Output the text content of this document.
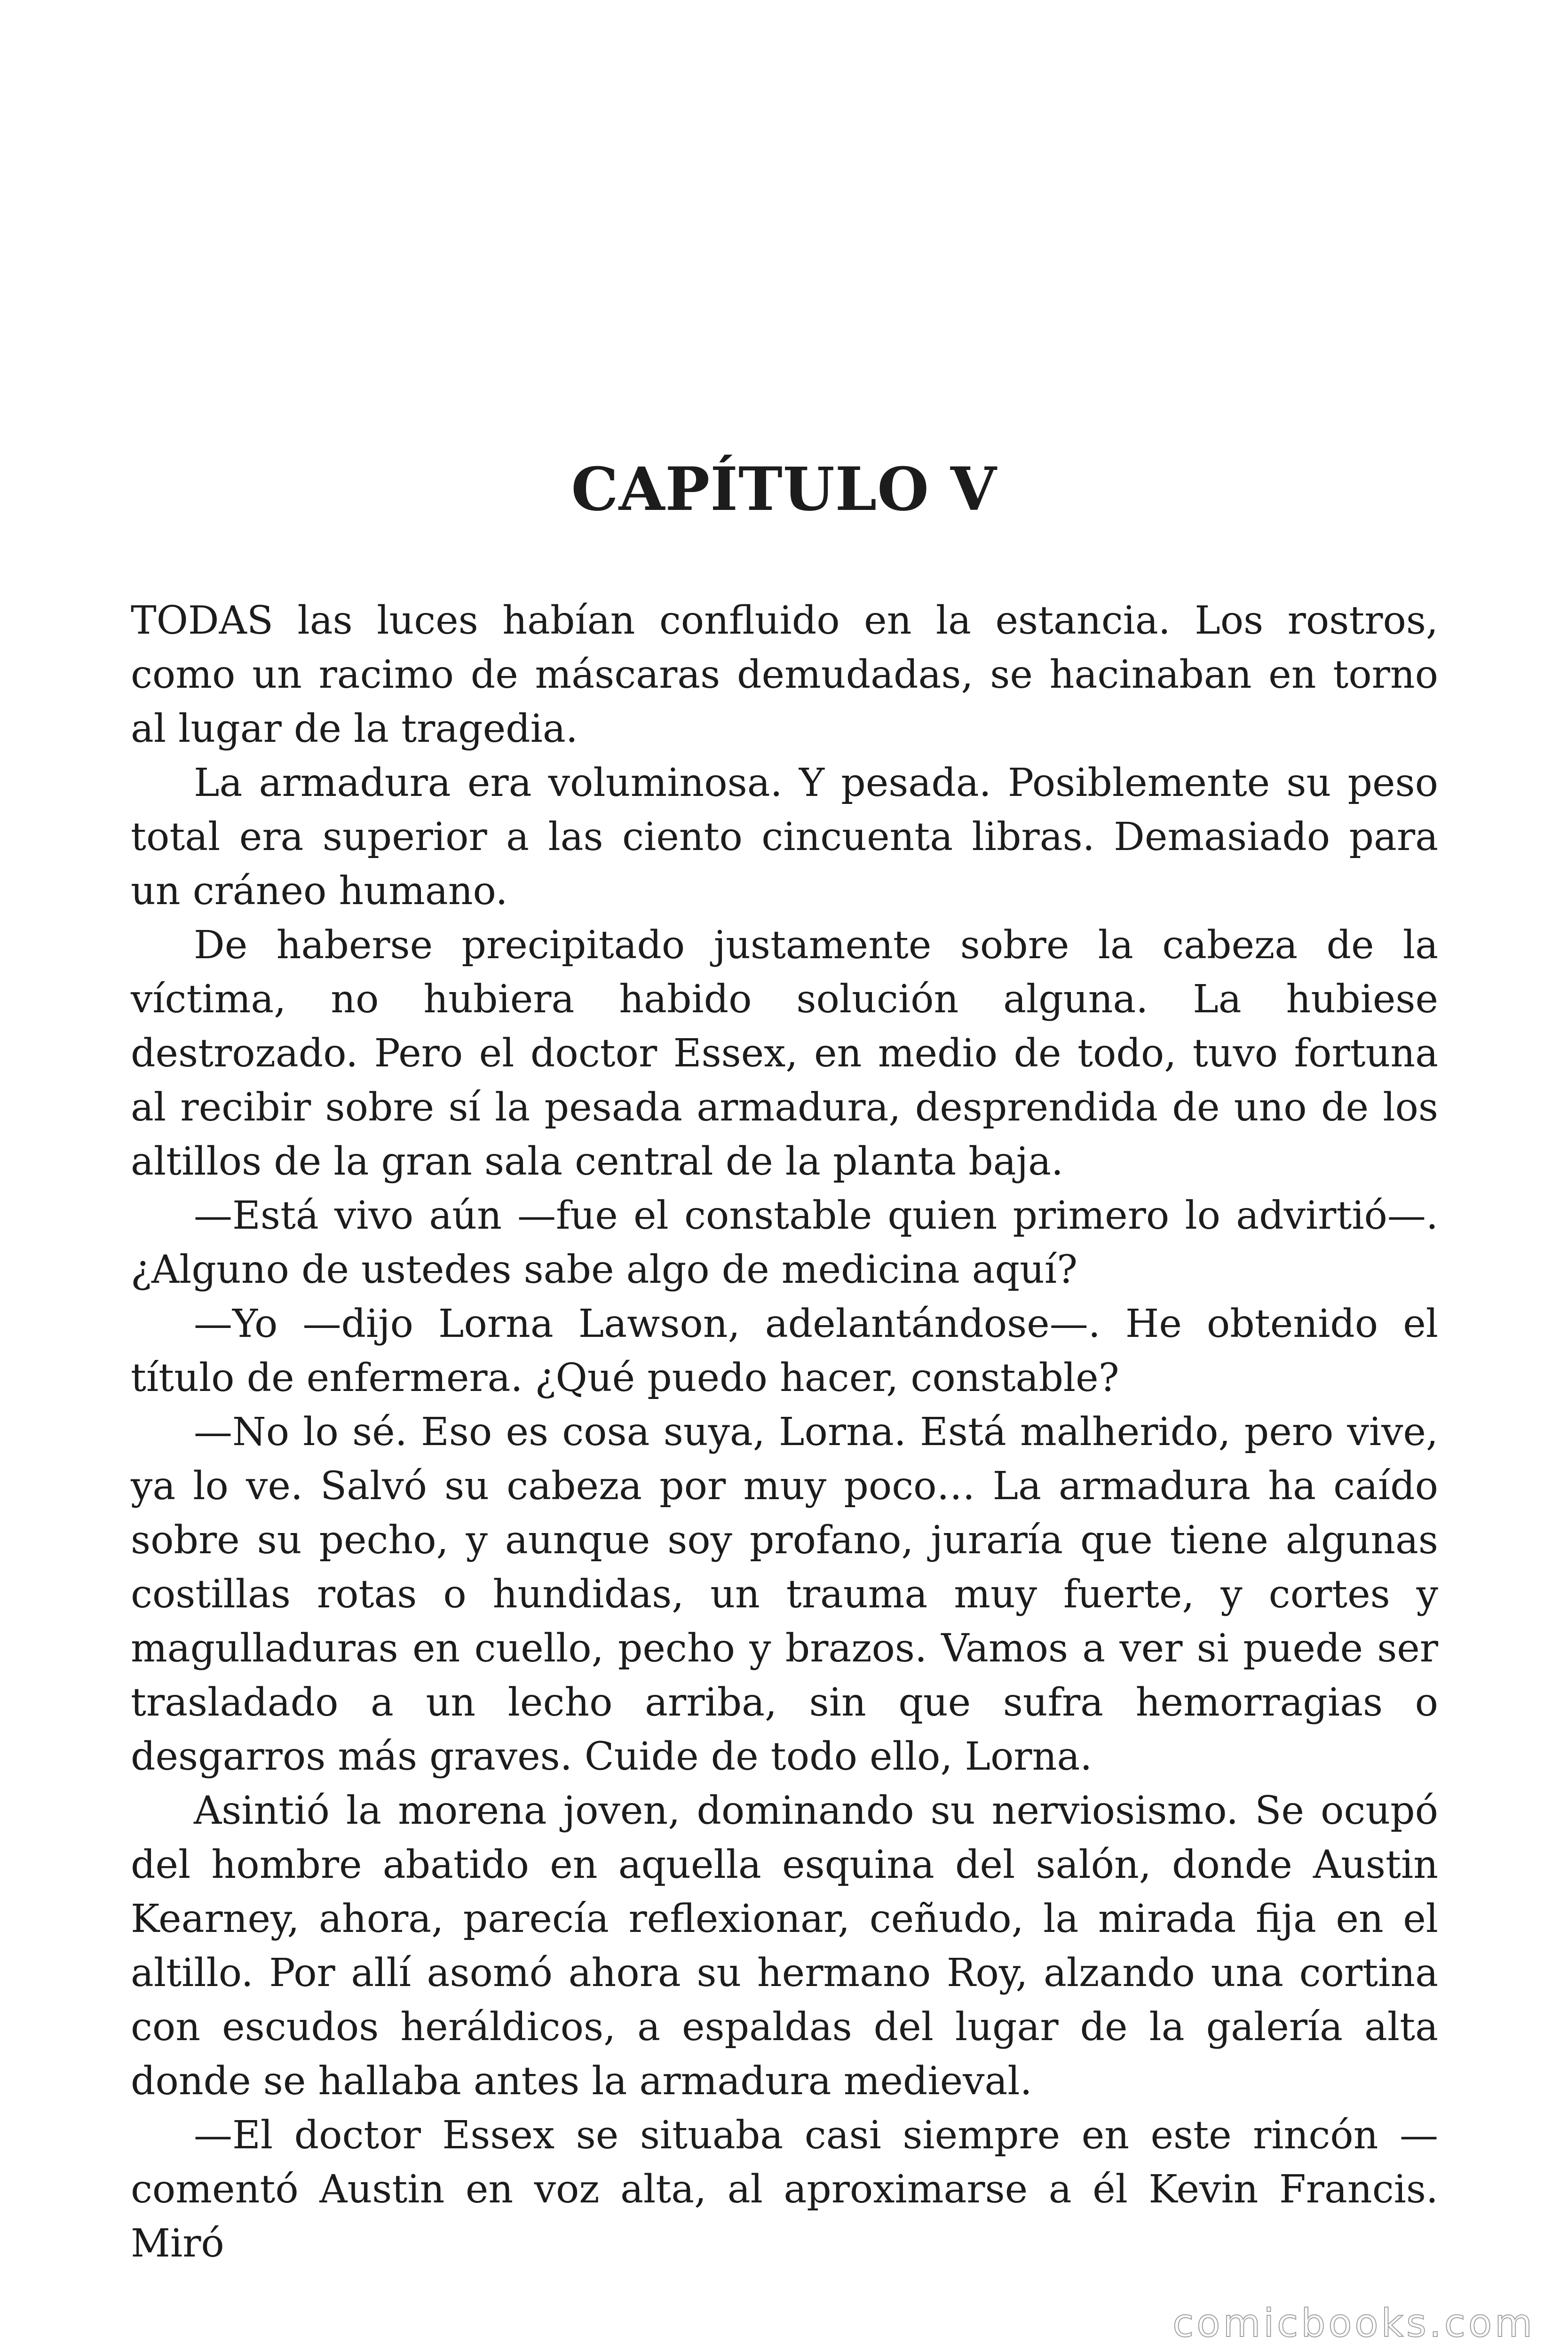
CAPÍTULO V

TODAS las luces habían confluido en la estancia. Los rostros, como un racimo de máscaras demudadas, se hacinaban en torno al lugar de la tragedia.

La armadura era voluminosa. Y pesada. Posiblemente su peso total era superior a las ciento cincuenta libras. Demasiado para un cráneo humano.

De haberse precipitado justamente sobre la cabeza de la víctima, no hubiera habido solución alguna. La hubiese destrozado. Pero el doctor Essex, en medio de todo, tuvo fortuna al recibir sobre sí la pesada armadura, desprendida de uno de los altillos de la gran sala central de la planta baja.

—Está vivo aún —fue el constable quien primero lo advirtió—. ¿Alguno de ustedes sabe algo de medicina aquí?

—Yo —dijo Lorna Lawson, adelantándose—. He obtenido el título de enfermera. ¿Qué puedo hacer, constable?

—No lo sé. Eso es cosa suya, Lorna. Está malherido, pero vive, ya lo ve. Salvó su cabeza por muy poco… La armadura ha caído sobre su pecho, y aunque soy profano, juraría que tiene algunas costillas rotas o hundidas, un trauma muy fuerte, y cortes y magulladuras en cuello, pecho y brazos. Vamos a ver si puede ser trasladado a un lecho arriba, sin que sufra hemorragias o desgarros más graves. Cuide de todo ello, Lorna.

Asintió la morena joven, dominando su nerviosismo. Se ocupó del hombre abatido en aquella esquina del salón, donde Austin Kearney, ahora, parecía reflexionar, ceñudo, la mirada fija en el altillo. Por allí asomó ahora su hermano Roy, alzando una cortina con escudos heráldicos, a espaldas del lugar de la galería alta donde se hallaba antes la armadura medieval.

—El doctor Essex se situaba casi siempre en este rincón —comentó Austin en voz alta, al aproximarse a él Kevin Francis. Miró

comicbooks.com
